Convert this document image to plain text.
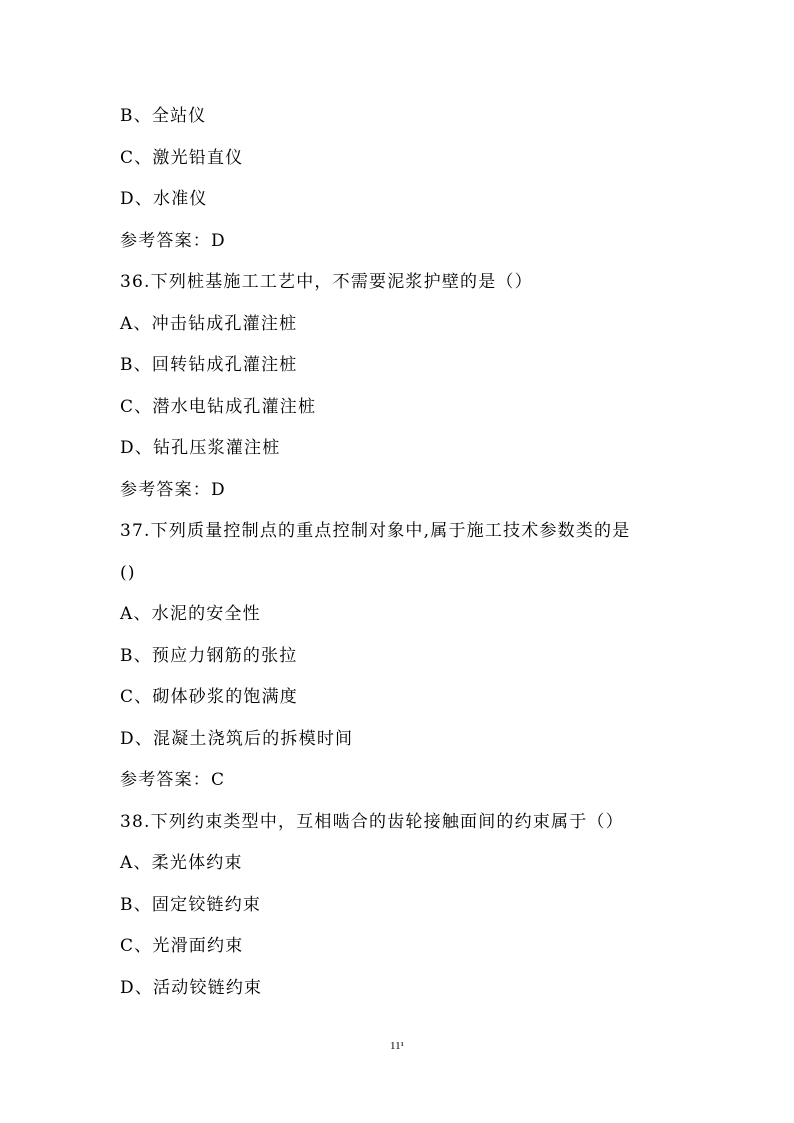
B、全站仪
C、激光铅直仪
D、水准仪
参考答案：D
36.下列桩基施工工艺中，不需要泥浆护壁的是（）
A、冲击钻成孔灌注桩
B、回转钻成孔灌注桩
C、潜水电钻成孔灌注桩
D、钻孔压浆灌注桩
参考答案：D
37.下列质量控制点的重点控制对象中,属于施工技术参数类的是
()
A、水泥的安全性
B、预应力钢筋的张拉
C、砌体砂浆的饱满度
D、混凝土浇筑后的拆模时间
参考答案：C
38.下列约束类型中，互相啮合的齿轮接触面间的约束属于（）
A、柔光体约束
B、固定铰链约束
C、光滑面约束
D、活动铰链约束
11¹
